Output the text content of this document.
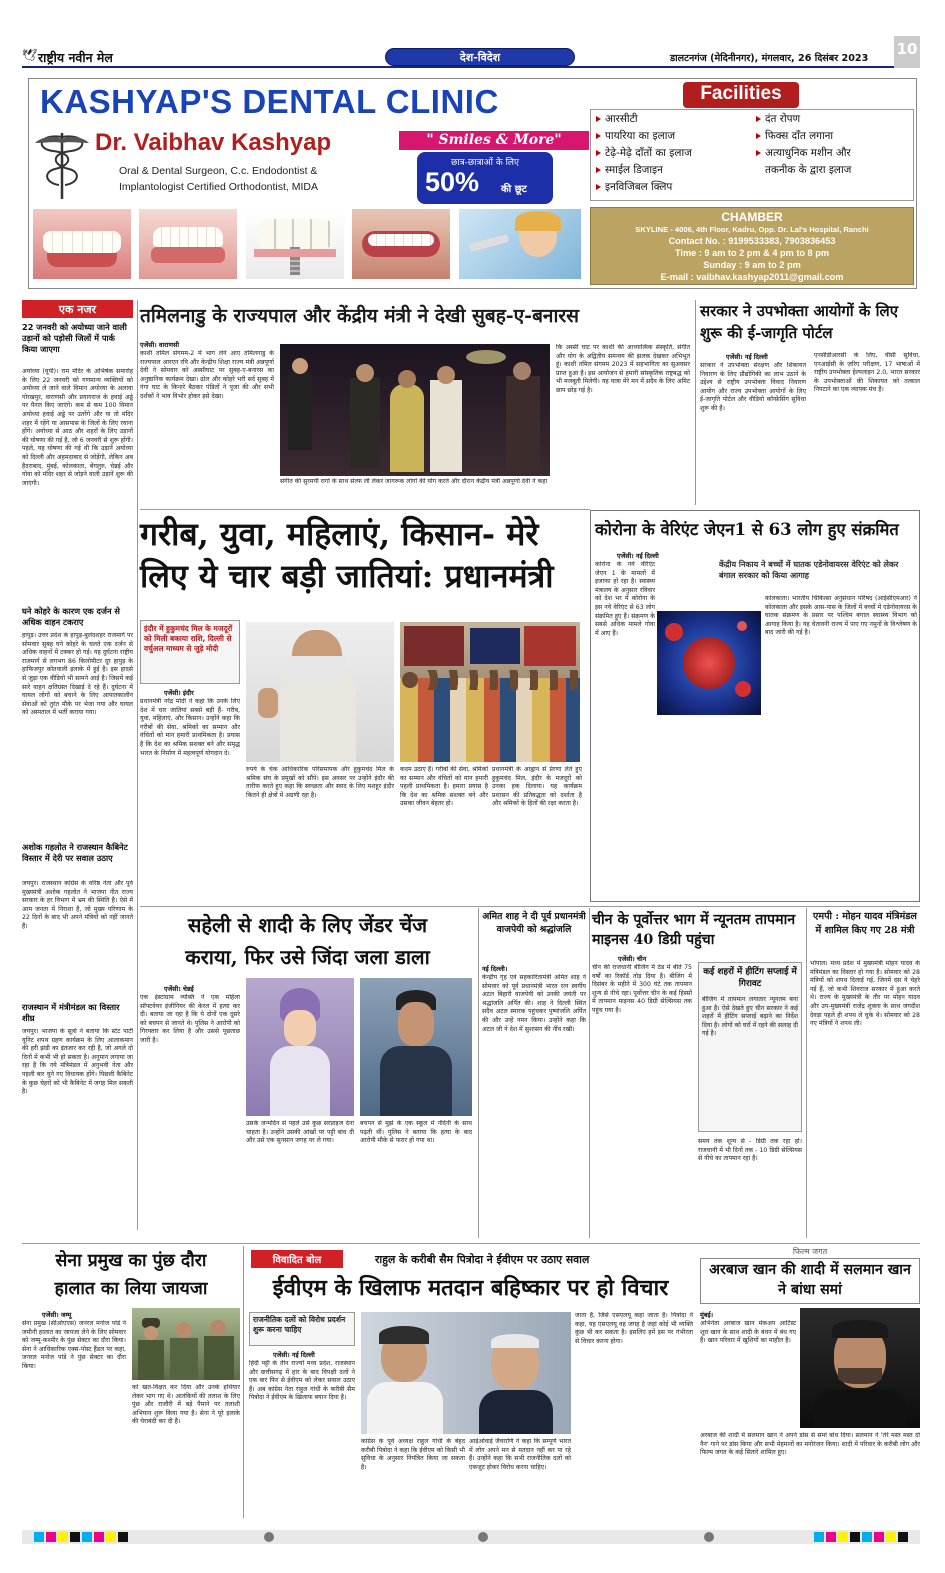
🕊 राष्ट्रीय नवीन मेल	देश-विदेश	डालटनगंज (मेदिनीनगर), मंगलवार, 26 दिसंबर 2023
10
KASHYAP'S DENTAL CLINIC
Dr. Vaibhav Kashyap
Oral & Dental Surgeon, C.c. Endodontist &
Implantologist Certified Orthodontist, MIDA
" Smiles & More"
छात्र-छात्राओं के लिए
50% की छूट
Facilities
आरसीटी	दंत रोपण
पायरिया का इलाज	फिक्स दाँत लगाना
टेढ़े-मेढ़े दाँतों का इलाज	अत्याधुनिक मशीन और
स्माईल डिजाइन	तकनीक के द्वारा इलाज
इनविजिबल क्लिप
CHAMBER
SKYLINE - 4006, 4th Floor, Kadru, Opp. Dr. Lal's Hospital, Ranchi
Contact No. : 9199533383, 7903836453
Time : 9 am to 2 pm & 4 pm to 8 pm
Sunday : 9 am to 2 pm
E-mail : vaibhav.kashyap2011@gmail.com
एक नजर
22 जनवरी को अयोध्या जाने वाली उड़ानों को पड़ोसी जिलों में पार्क किया जाएगा
अयोध्या (यूपी)। राम मंदिर के अभिषेक समारोह के लिए 22 जनवरी को गणमान्य व्यक्तियों को अयोध्या ले जाने वाले विमान अयोध्या के अलावा गोरखपुर, वाराणसी और प्रयागराज के हवाई अड्डे पर पैनल किए जाएंगे। कम से कम 100 विमान अयोध्या हवाई अड्डे पर उतरेंगे और या तो मंदिर शहर में रहेंगे या आसपास के जिलों के लिए रवाना होंगे। अयोध्या से आठ और शहरों के लिए उड़ानों की घोषणा की गई है, जो 6 जनवरी से शुरू होंगी। पहले, यह घोषणा की गई थी कि उड़ानें अयोध्या को दिल्ली और अहमदाबाद से जोड़ेंगी, लेकिन अब हैदराबाद, मुंबई, कोलकाता, बेंगलुरु, चेन्नई और गोवा को मंदिर शहर से जोड़ने वाली उड़ानें शुरू की जाएंगी।
घने कोहरे के कारण एक दर्जन से अधिक वाहन टकराए
हापुड़। उत्तर प्रदेश के हापुड़-बुलंदशहर राजमार्ग पर सोमवार सुबह घने कोहरे के चलते एक दर्जन से अधिक वाहनों में टक्कर हो गई। यह दुर्घटना राष्ट्रीय राजमार्ग से लगभग 86 किलोमीटर दूर हापुड़ के हाफिजपुर कोतवाली इलाके में हुई है। इस हादसे से जुड़ा एक वीडियो भी सामने आई है। जिसमें कई सारे वाहन क्षतिग्रस्त दिखाई दे रहे हैं। दुर्घटना में घायल लोगों को बचाने के लिए आपातकालीन सेवाओं को तुरंत मौके पर भेजा गया और घायल को अस्पताल में भर्ती कराया गया।
अशोक गहलोत ने राजस्थान कैबिनेट विस्तार में देरी पर सवाल उठाए
जयपुर। राजस्थान कांग्रेस के वरिष्ठ नेता और पूर्व मुख्यमंत्री अशोक गहलोत ने भाजपा नीत राज्य सरकार के हर विभाग में भ्रम की स्थिति है। ऐसे में आम जनता में निराशा है, जो मुख्य परिणाम के 22 दिनों के बाद भी अपने मंत्रियों को नहीं जानते हैं।
राजस्थान में मंत्रीमंडल का विस्तार शीघ्र
जयपुर। भाजपा के सूत्रों ने बताया कि स्टेट पार्टी यूनिट शपथ ग्रहण कार्यक्रम के लिए आलाकमान की हरी झंडी का इंतजार कर रही है, जो अगले दो दिनों में कभी भी हो सकता है। अनुमान लगाया जा रहा है कि नये मंत्रिमंडल में अनुभवी नेता और पहली बार चुने गए विधायक होंगे। पिछली कैबिनेट के कुछ चेहरों को भी कैबिनेट में जगह मिल सकती है।
तमिलनाडु के राज्यपाल और केंद्रीय मंत्री ने देखी सुबह-ए-बनारस
एजेंसी। वाराणसी
काशी तमिल संगमम-2 में भाग लेने आए तमिलनाडु के राज्यपाल आरएन रवि और केन्द्रीय शिक्षा राज्य मंत्री अन्नपूर्णा देवी ने सोमवार को अस्सीघाट पर सुबह-ए-बनारस का अनुष्ठानिक कार्यक्रम देखा। ढोल और कोहरे भरी सर्द सुबह में गंगा घाट के किनारे बैठकर पंडितों ने पूजा की और सभी दर्शकों ने भाव विभोर होकर इसे देखा।
संगीत की सुरमयी रागों के साथ सेल्फ ली लेकर जागरूक लोगों की योग करते और दौरान केंद्रीय मंत्री अन्नपूर्णा देवी ने कहा
कि अस्सी घाट पर काशी की आध्यात्मिक संस्कृति, संगीत और योग के अद्वितीय समन्वय की झलक देखकर अभिभूत हूं। काशी तमिल संगमम 2023 में सहभागिता का सुअवसर प्राप्त हुआ है। इस आयोजन से हमारी सांस्कृतिक राष्ट्रबद्ध को भी मजबूती मिलेगी। यह यात्रा मेरे मन में सदैव के लिए अमिट छाप छोड़ गई है।
सरकार ने उपभोक्ता आयोगों के लिए शुरू की ई-जागृति पोर्टल
एजेंसी। नई दिल्ली
सरकार ने उपभोक्ता संरक्षण और शिकायत निवारण के लिए प्रौद्योगिकी का लाभ उठाने के उद्देश्य से राष्ट्रीय उपभोक्ता विवाद निवारण आयोग और राज्य उपभोक्ता आयोगों के लिए ई-जागृति पोर्टल और वीडियो कॉन्फ्रेंसिंग सुविधा शुरू की है।
एनसीडीआरसी के लिए, वीसी सुविधा, एनआईसी के ज़रिए परीक्षण, 17 भाषाओं में राष्ट्रीय उपभोक्ता हेल्पलाइन 2.0, भारत सरकार के उपभोक्ताओं की शिकायत को तत्काल निपटाने का एक व्यापक मंच है।
गरीब, युवा, महिलाएं, किसान- मेरे
लिए ये चार बड़ी जातियां: प्रधानमंत्री
इंदौर में हुकुमचंद मिल के मजदूरों को मिली बकाया राशि, दिल्ली से वर्चुअल माध्यम से जुड़े मोदी
एजेंसी। इंदौर
प्रधानमंत्री नरेंद्र मोदी ने कहा कि उनके लिए देश में चार जातियां सबसे बड़ी हैं- गरीब, युवा, महिलाएं, और किसान। उन्होंने कहा कि गरीबों की सेवा, श्रमिकों का सम्मान और वंचितों को मान हमारी प्राथमिकता है। प्रयास है कि देश का श्रमिक सशक्त बने और समृद्ध भारत के निर्माण में महत्वपूर्ण योगदान दे।
रुपये के चेक आधिकारिक परिसमापक और हुकुमचंद मिल के श्रमिक संघ के प्रमुखों को सौंपे। इस अवसर पर उन्होंने इंदौर की तारीफ करते हुए कहा कि स्वच्छता और स्वाद के लिए मशहूर इंदौर कितने ही क्षेत्रों में अग्रणी रहा है।
कदम उठाए हैं। गरीबों की सेवा, श्रमिकों का सम्मान और वंचितों को मान हमारी पहली प्राथमिकता है। हमारा प्रयास है कि देश का श्रमिक सशक्त बने और उसका जीवन बेहतर हो।
प्रधानमंत्री के आह्वान से प्रेरणा लेते हुए हुकुमचंद मिल, इंदौर के मजदूरों को उनका हक दिलाया। यह कार्यक्रम प्रशासन की प्रतिबद्धता को दर्शाता है और श्रमिकों के हितों की रक्षा करता है।
कोरोना के वेरिएंट जेएन1 से 63 लोग हुए संक्रमित
एजेंसी। नई दिल्ली
कोरोना के नये वेरिएंट जेएन 1 के मामलों में इजाफा हो रहा है। स्वास्थ्य मंत्रालय के अनुसार रविवार को देश भर में कोरोना के इस नये वेरिएंट से 63 लोग संक्रमित हुए हैं। संक्रमण के सबसे अधिक मामले गोवा में आए हैं।
केंद्रीय निकाय ने बच्चों में घातक एडेनोवायरस वेरिएंट को लेकर बंगाल सरकार को किया आगाह
कोलकाता। भारतीय चिकित्सा अनुसंधान परिषद (आईसीएमआर) ने कोलकाता और इसके आस-पास के जिलों में बच्चों में एडेनोवायरस के घातक संक्रमण के प्रसार पर पश्चिम बंगाल स्वास्थ्य विभाग को आगाह किया है। यह चेतावनी राज्य में पाए गए नमूनों के विश्लेषण के बाद जारी की गई है।
सहेली से शादी के लिए जेंडर चेंज
कराया, फिर उसे जिंदा जला डाला
एजेंसी। चेन्नई
एक इंस्टाग्राम व्यक्ति ने एक महिला सॉफ्टवेयर इंजीनियर की केरल में हत्या कर दी। बताया जा रहा है कि ये दोनों एक दूसरे को बचपन से जानते थे। पुलिस ने आरोपी को गिरफ्तार कर लिया है और उससे पूछताछ जारी है।
उसके जन्मदिन से पहले उसे कुछ सरप्राइज देना चाहता है। उन्होंने उसकी आंखों पर पट्टी बांध दी और उसे एक सुनसान जगह पर ले गया।
बचपन से मुझे के एक स्कूल में नंदिनी के साथ पढ़ती थीं। पुलिस ने बताया कि हत्या के बाद आरोपी मौके से फरार हो गया था।
अमित शाह ने दी पूर्व प्रधानमंत्री वाजपेयी को श्रद्धांजलि
नई दिल्ली।
केन्द्रीय गृह एवं सहकारितामंत्री अमित शाह ने सोमवार को पूर्व प्रधानमंत्री भारत रत्न स्वर्गीय अटल बिहारी वाजपेयी को उनकी जयंती पर श्रद्धांजलि अर्पित की। शाह ने दिल्ली स्थित सदैव अटल स्मारक पहुंचकर पुष्पांजलि अर्पित की और उन्हें नमन किया। उन्होंने कहा कि अटल जी ने देश में सुशासन की नींव रखी।
चीन के पूर्वोत्तर भाग में न्यूनतम तापमान माइनस 40 डिग्री पहुंचा
एजेंसी। चीन
चीन की राजधानी बीजिंग में ठंड में बीते 75 वर्षों का रिकॉर्ड तोड़ दिया है। बीजिंग में दिसंबर के महीने में 300 घंटे तक तापमान शून्य से नीचे रहा। पूर्वोत्तर चीन के कई हिस्सों में तापमान माइनस 40 डिग्री सेल्सियस तक पहुंच गया है।
कई शहरों में हीटिंग सप्लाई में गिरावट
बीजिंग में तापमान लगातार न्यूनतम बना हुआ है। ऐसे देखते हुए चीन सरकार ने कई शहरों में हीटिंग सप्लाई बढ़ाने का निर्देश दिया है। लोगों को घरों में रहने की सलाह दी गई है।
समय तक शून्य से - डिग्री तक रहा हो। राजधानी में भी दिनों तक - 10 डिग्री सेल्सियस से नीचे का तापमान रहा है।
एमपी : मोहन यादव मंत्रिमंडल में शामिल किए गए 28 मंत्री
भोपाल। मध्य प्रदेश में मुख्यमंत्री मोहन यादव के मंत्रिमंडल का विस्तार हो गया है। सोमवार को 28 मंत्रियों को शपथ दिलाई गई, जिनमें दस ये चेहरे नई हैं, जो कभी शिवराज सरकार में हुआ करते थे। राज्य के मुख्यमंत्री के तौर पर मोहन यादव और उप-मुख्यमंत्री राजेंद्र शुक्ला के साथ जगदीश देवड़ा पहले ही शपथ ले चुके थे। सोमवार को 28 नए मंत्रियों ने शपथ ली।
सेना प्रमुख का पुंछ दौरा
हालात का लिया जायजा
एजेंसी। जम्मू
सेना प्रमुख (सीओएएस) जनरल मनोज पांडे ने जमीनी हालात का जायजा लेने के लिए सोमवार को जम्मू-कश्मीर के पुंछ सेक्टर का दौरा किया। सेना ने आधिकारिक एक्स-पोस्ट हैंडल पर कहा, जनरल मनोज पांडे ने पुंछ सेक्टर का दौरा किया।
को खत-विक्षत कर दिया और उनके हथियार लेकर भाग गए थे। आतंकियों की तलाश के लिए पुंछ और राजौरी में बड़े पैमाने पर तलाशी अभियान शुरू किया गया है। सेना ने पूरे इलाके की घेराबंदी कर दी है।
विवादित बोल	राहुल के करीबी सैम पित्रोदा ने ईवीएम पर उठाए सवाल
ईवीएम के खिलाफ मतदान बहिष्कार पर हो विचार
राजनीतिक दलों को विरोध प्रदर्शन शुरू करना चाहिए
एजेंसी। नई दिल्ली
हिंदी पट्टी के तीन राज्यों मध्य प्रदेश, राजस्थान और छत्तीसगढ़ में हार के बाद विपक्षी दलों ने एक बार फिर से ईवीएम को लेकर सवाल उठाए हैं। अब कांग्रेस नेता राहुल गांधी के करीबी सैम पित्रोदा ने ईवीएम के खिलाफ बयान दिया है।
कांग्रेस के पूर्व अध्यक्ष राहुल गांधी के बेहद करीबी पित्रोदा ने कहा कि ईवीएम को किसी भी सुविधा के अनुसार नियंत्रित किया जा सकता है।
आईओवाई जैवराणि ने कहा कि सम्पूर्ण भारत में लोग अपने मन से मतदान नहीं कर पा रहे हैं। उन्होंने कहा कि सभी राजनीतिक दलों को एकजुट होकर विरोध करना चाहिए।
जाता है, जिसे एसएलयू कहा जाता है। पित्रोदा ने कहा, यह एसएलयू वह जगह है जहां कोई भी व्यक्ति कुछ भी कर सकता है। इसलिए हमें इस पर गंभीरता से विचार करना होगा।
फिल्म जगत
अरबाज खान की शादी में सलमान खान ने बांधा समां
मुंबई।
अभिनेता अरबाज खान मेकअप आर्टिस्ट शूरा खान के साथ शादी के बंधन में बंध गए हैं। खान परिवार में खुशियों का माहौल है।
अरबाज की शादी में सलमान खान ने अपने डांस से समां बांध दिया। सलमान ने 'तेरे मस्त मस्त दो नैन' गाने पर डांस किया और सभी मेहमानों का मनोरंजन किया। शादी में परिवार के करीबी लोग और फिल्म जगत के कई सितारे शामिल हुए।
